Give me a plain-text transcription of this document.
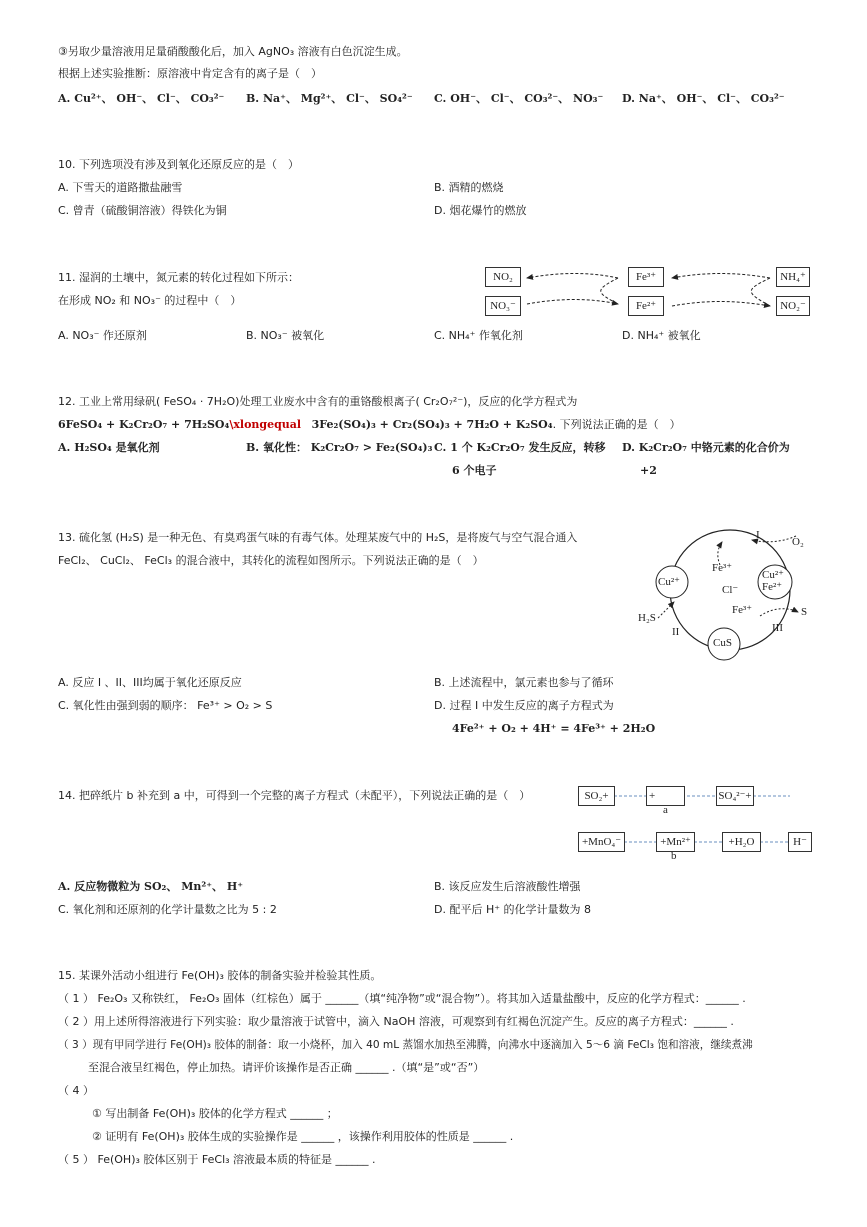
③另取少量溶液用足量硝酸酸化后，加入 AgNO₃ 溶液有白色沉淀生成。
根据上述实验推断：原溶液中肯定含有的离子是（　）
A. Cu²⁺、 OH⁻、 Cl⁻、 CO₃²⁻ B. Na⁺、 Mg²⁺、 Cl⁻、 SO₄²⁻ C. OH⁻、 Cl⁻、 CO₃²⁻、 NO₃⁻ D. Na⁺、 OH⁻、 Cl⁻、 CO₃²⁻
10. 下列选项没有涉及到氧化还原反应的是（　）
A. 下雪天的道路撒盐融雪	B. 酒精的燃烧
C. 曾青（硫酸铜溶液）得铁化为铜	D. 烟花爆竹的燃放
11. 湿润的土壤中，氮元素的转化过程如下所示：
在形成 NO₂ 和 NO₃⁻ 的过程中（　）
A. NO₃⁻ 作还原剂	B. NO₃⁻ 被氧化	C. NH₄⁺ 作氧化剂	D. NH₄⁺ 被氧化
NO₂
NO₃⁻
Fe³⁺
Fe²⁺
NH₄⁺
NO₂⁻
12. 工业上常用绿矾( FeSO₄ · 7H₂O)处理工业废水中含有的重铬酸根离子( Cr₂O₇²⁻)，反应的化学方程式为
6FeSO₄ + K₂Cr₂O₇ + 7H₂SO₄\xlongequal 3Fe₂(SO₄)₃ + Cr₂(SO₄)₃ + 7H₂O + K₂SO₄. 下列说法正确的是（　）
A. H₂SO₄ 是氧化剂	B. 氧化性： K₂Cr₂O₇ > Fe₂(SO₄)₃ C. 1 个 K₂Cr₂O₇ 发生反应，转移
6 个电子
D. K₂Cr₂O₇ 中铬元素的化合价为
+2
13. 硫化氢 (H₂S) 是一种无色、有臭鸡蛋气味的有毒气体。处理某废气中的 H₂S，是将废气与空气混合通入
FeCl₂、 CuCl₂、 FeCl₃ 的混合液中，其转化的流程如图所示。下列说法正确的是（　）
A. 反应 I 、II、III均属于氧化还原反应	B. 上述流程中，氯元素也参与了循环
C. 氧化性由强到弱的顺序： Fe³⁺ > O₂ > S	D. 过程 I 中发生反应的离子方程式为
4Fe²⁺ + O₂ + 4H⁺ = 4Fe³⁺ + 2H₂O
Cu²⁺
Fe³⁺
Cl⁻
Cu²⁺
Fe²⁺
Fe³⁺
CuS
I
II	III
O₂
H₂S	S
14. 把碎纸片 b 补充到 a 中，可得到一个完整的离子方程式（未配平），下列说法正确的是（　）
A. 反应物微粒为 SO₂、 Mn²⁺、 H⁺	B. 该反应发生后溶液酸性增强
C. 氧化剂和还原剂的化学计量数之比为 5 : 2	D. 配平后 H⁺ 的化学计量数为 8
SO₂+	+	SO₄²⁻+
a
+MnO₄⁻	+Mn²⁺	+H₂O	H⁻
b
15. 某课外活动小组进行 Fe(OH)₃ 胶体的制备实验并检验其性质。
（ 1 ） Fe₂O₃ 又称铁红， Fe₂O₃ 固体（红棕色）属于 ______（填“纯净物”或“混合物”）。将其加入适量盐酸中，反应的化学方程式：______ .
（ 2 ）用上述所得溶液进行下列实验：取少量溶液于试管中，滴入 NaOH 溶液，可观察到有红褐色沉淀产生。反应的离子方程式：______ .
（ 3 ）现有甲同学进行 Fe(OH)₃ 胶体的制备：取一小烧杯，加入 40 mL 蒸馏水加热至沸腾，向沸水中逐滴加入 5～6 滴 FeCl₃ 饱和溶液，继续煮沸
至混合液呈红褐色，停止加热。请评价该操作是否正确 ______ .（填“是”或“否”）
（ 4 ）
① 写出制备 Fe(OH)₃ 胶体的化学方程式 ______ ；
② 证明有 Fe(OH)₃ 胶体生成的实验操作是 ______ ，该操作利用胶体的性质是 ______ .
（ 5 ） Fe(OH)₃ 胶体区别于 FeCl₃ 溶液最本质的特征是 ______ .
